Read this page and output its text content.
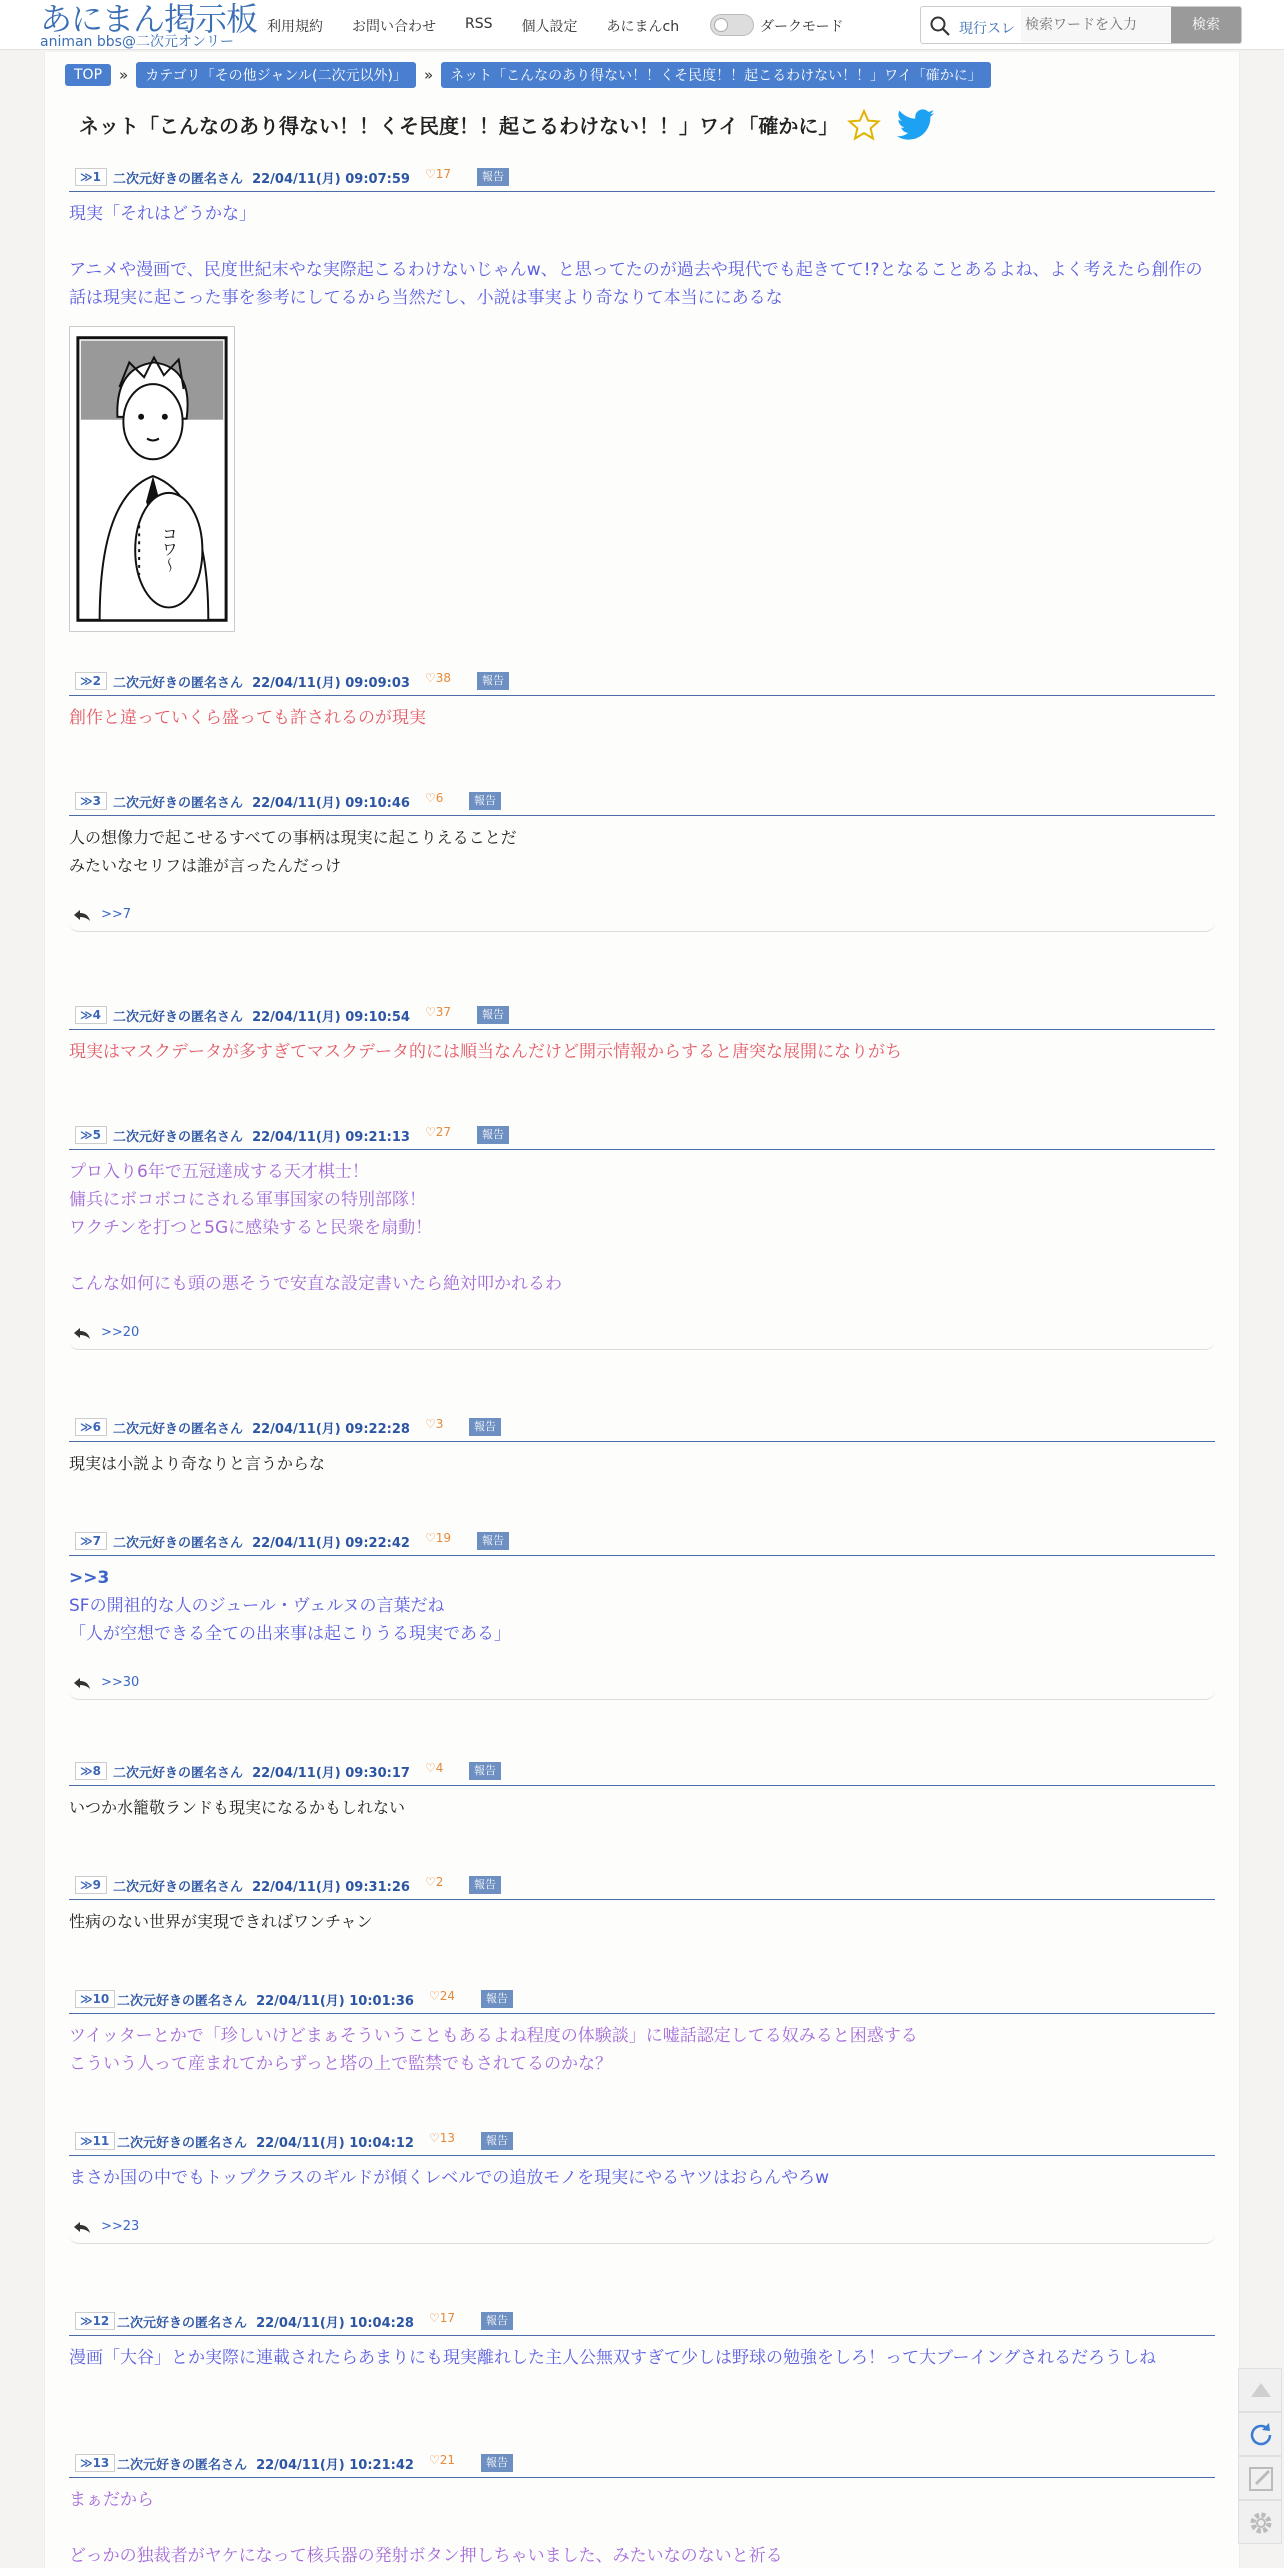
あにまん掲示板
animan bbs@二次元オンリー
利用規約 お問い合わせ RSS 個人設定 あにまんch	ダークモード	現行スレ
検索ワードを入力	検索
TOP	»	カテゴリ「その他ジャンル(二次元以外)」	»	ネット「こんなのあり得ない！！くそ民度！！起こるわけない！！」ワイ「確かに」
ネット「こんなのあり得ない！！くそ民度！！起こるわけない！！」ワイ「確かに」
≫1 二次元好きの匿名さん 22/04/11(月) 09:07:59 ♡17	報告
現実「それはどうかな」
アニメや漫画で、民度世紀末やな実際起こるわけないじゃんw、と思ってたのが過去や現代でも起きてて!?となることあるよね、よく考えたら創作の話は現実に起こった事を参考にしてるから当然だし、小説は事実より奇なりて本当ににあるな
コワ〜
≫2 二次元好きの匿名さん 22/04/11(月) 09:09:03 ♡38	報告
創作と違っていくら盛っても許されるのが現実
≫3 二次元好きの匿名さん 22/04/11(月) 09:10:46 ♡6	報告
人の想像力で起こせるすべての事柄は現実に起こりえることだ
みたいなセリフは誰が言ったんだっけ
>>7
≫4 二次元好きの匿名さん 22/04/11(月) 09:10:54 ♡37	報告
現実はマスクデータが多すぎてマスクデータ的には順当なんだけど開示情報からすると唐突な展開になりがち
≫5 二次元好きの匿名さん 22/04/11(月) 09:21:13 ♡27	報告
プロ入り6年で五冠達成する天才棋士！
傭兵にボコボコにされる軍事国家の特別部隊！
ワクチンを打つと5Gに感染すると民衆を扇動！
こんな如何にも頭の悪そうで安直な設定書いたら絶対叩かれるわ
>>20
≫6 二次元好きの匿名さん 22/04/11(月) 09:22:28 ♡3	報告
現実は小説より奇なりと言うからな
≫7 二次元好きの匿名さん 22/04/11(月) 09:22:42 ♡19	報告
>>3
SFの開祖的な人のジュール・ヴェルヌの言葉だね
「人が空想できる全ての出来事は起こりうる現実である」
>>30
≫8 二次元好きの匿名さん 22/04/11(月) 09:30:17 ♡4	報告
いつか水籠敬ランドも現実になるかもしれない
≫9 二次元好きの匿名さん 22/04/11(月) 09:31:26 ♡2	報告
性病のない世界が実現できればワンチャン
≫10 二次元好きの匿名さん 22/04/11(月) 10:01:36 ♡24	報告
ツイッターとかで「珍しいけどまぁそういうこともあるよね程度の体験談」に嘘話認定してる奴みると困惑する
こういう人って産まれてからずっと塔の上で監禁でもされてるのかな？
≫11 二次元好きの匿名さん 22/04/11(月) 10:04:12 ♡13	報告
まさか国の中でもトップクラスのギルドが傾くレベルでの追放モノを現実にやるヤツはおらんやろw
>>23
≫12 二次元好きの匿名さん 22/04/11(月) 10:04:28 ♡17	報告
漫画「大谷」とか実際に連載されたらあまりにも現実離れした主人公無双すぎて少しは野球の勉強をしろ！って大ブーイングされるだろうしね
≫13 二次元好きの匿名さん 22/04/11(月) 10:21:42 ♡21	報告
まぁだから
どっかの独裁者がヤケになって核兵器の発射ボタン押しちゃいました、みたいなのないと祈る
